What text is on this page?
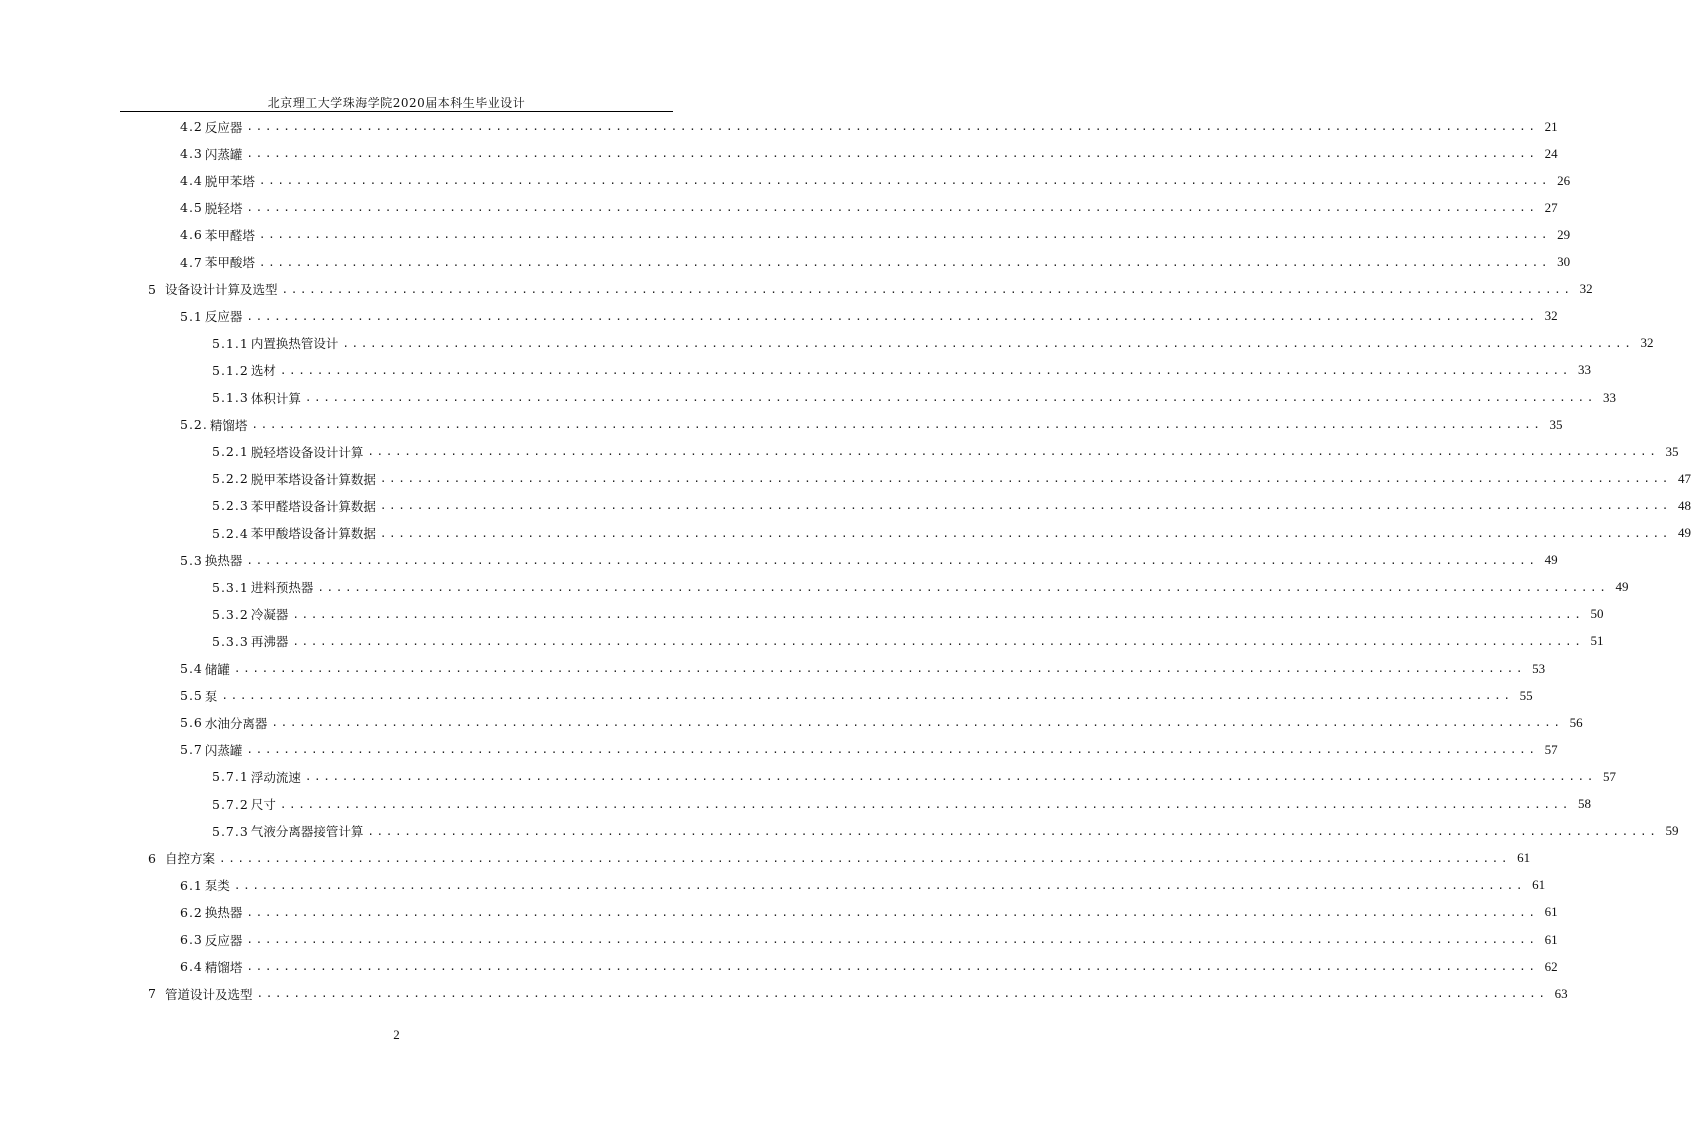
北京理工大学珠海学院2020届本科生毕业设计
4.2 反应器 ............................................................................................................................................ 21
4.3 闪蒸罐 ............................................................................................................................................ 24
4.4 脱甲苯塔 ............................................................................................................................................ 26
4.5 脱轻塔 ............................................................................................................................................ 27
4.6 苯甲醛塔 ............................................................................................................................................ 29
4.7 苯甲酸塔 ............................................................................................................................................ 30
5 设备设计计算及选型 ............................................................................................................................................ 32
5.1 反应器 ............................................................................................................................................ 32
5.1.1 内置换热管设计 ............................................................................................................................................ 32
5.1.2 选材 ............................................................................................................................................ 33
5.1.3 体积计算 ............................................................................................................................................ 33
5.2. 精馏塔 ............................................................................................................................................ 35
5.2.1 脱轻塔设备设计计算 ............................................................................................................................................ 35
5.2.2 脱甲苯塔设备计算数据 ............................................................................................................................................ 47
5.2.3 苯甲醛塔设备计算数据 ............................................................................................................................................ 48
5.2.4 苯甲酸塔设备计算数据 ............................................................................................................................................ 49
5.3 换热器 ............................................................................................................................................ 49
5.3.1 进料预热器 ............................................................................................................................................ 49
5.3.2 冷凝器 ............................................................................................................................................ 50
5.3.3 再沸器 ............................................................................................................................................ 51
5.4 储罐 ............................................................................................................................................ 53
5.5 泵 ............................................................................................................................................ 55
5.6 水油分离器 ............................................................................................................................................ 56
5.7 闪蒸罐 ............................................................................................................................................ 57
5.7.1 浮动流速 ............................................................................................................................................ 57
5.7.2 尺寸 ............................................................................................................................................ 58
5.7.3 气液分离器接管计算 ............................................................................................................................................ 59
6 自控方案 ............................................................................................................................................ 61
6.1 泵类 ............................................................................................................................................ 61
6.2 换热器 ............................................................................................................................................ 61
6.3 反应器 ............................................................................................................................................ 61
6.4 精馏塔 ............................................................................................................................................ 62
7 管道设计及选型 ............................................................................................................................................ 63
2
